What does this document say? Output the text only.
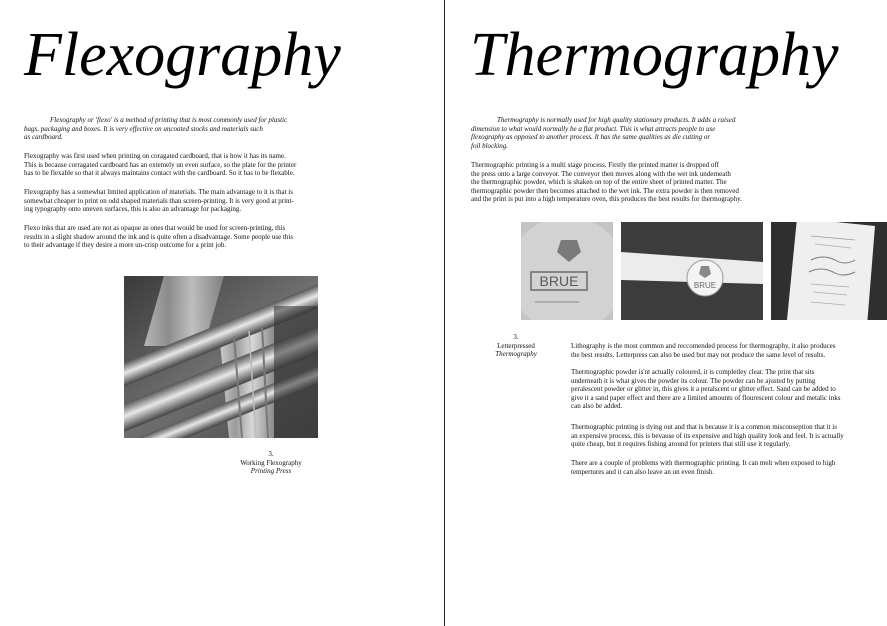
Flexography
Flexography or 'flexo' is a method of printing that is most commonly used for plastic
bags, packaging and boxes. It is very effective on uncoated stocks and materials such
as cardboard.
Flexography was first used when printing on coragated cardboard, that is how it has its name.
This is because corragated cardboard has an extemely un even surface, so the plate for the printer
has to be flexable so that it always maintains contact with the cardboard. So it has to be flexable.
Flexography has a somewhat limited application of materials. The main advantage to it is that is
somewhat cheaper to print on odd shaped materials than screen-printing. It is very good at print-
ing typography onto uneven surfaces, this is also an advantage for packaging.
Flexo inks that are used are not as opaque as ones that would be used for screen-printing, this
results in a slight shadow around the ink and is quite often a disadvantage. Some people use this
to their advantage if they desire a more un-crisp outcome for a print job.
3.
Working Flexography
Printing Press
Thermography
Thermography is normally used for high quality stationary products. It adds a raised
dimension to what would normally be a flat product. This is what attracts people to use
flexography as opposed to another process. It has the same qualities as die cutting or
foil blocking.
Thermographic printing is a multi stage process. Firstly the printed matter is dropped off
the press onto a large conveyor. The conveyor then moves along with the wet ink underneath
the thermographic powder, which is shaken on top of the entire sheet of printed matter. The
thermographic powder then becomes attached to the wet ink. The extra powder is then removed
and the print is put into a high temperature oven, this produces the best results for thermography.
BRUE	BRUE
3.
Letterpressed
Thermography
Lithography is the most common and reccomended process for thermography, it also produces
the best results. Letterpress can also be used but may not produce the same level of results.
Thermographic powder is'nt actually coloured, it is completley clear. The print that sits
underneath it is what gives the powder its colour. The powder can be ajusted by putting
peralescent powder or glitter in, this gives it a peralscent or glitter effect. Sand can be added to
give it a sand paper effect and there are a limited amounts of flourescent colour and metalic inks
can also be added.
Thermographic printing is dying out and that is because it is a common misconseption that it is
an expensive process, this is bevause of its expensive and high quality look and feel. It is actually
quite cheap, but it requires fishing around for printers that still use it regularly.
There are a couple of problems with thermographic printing. It can melt when exposed to high
tempertures and it can also leave an un even finish.
